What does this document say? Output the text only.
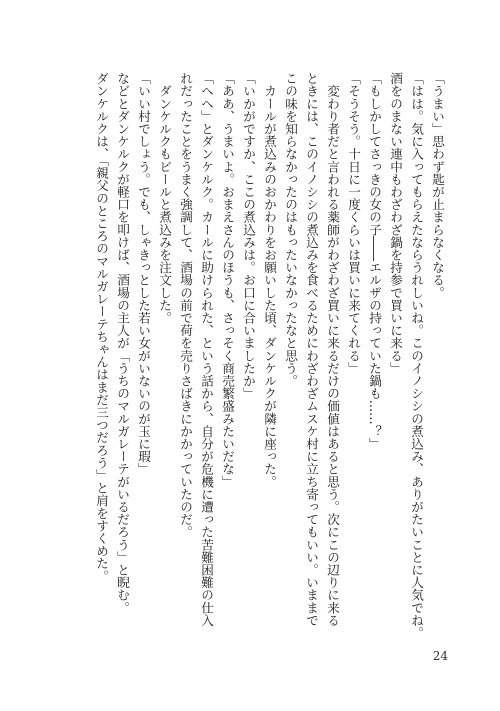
「うまい」思わず匙が止まらなくなる。

「はは。気に入ってもらえたならうれしいね。このイノシシの煮込み、ありがたいことに人気でね。

酒をのまない連中もわざわざ鍋を持参で買いに来る」

「もしかしてさっきの女の子――エルザの持っていた鍋も……？」

「そうそう。十日に一度くらいは買いに来てくれる」

　変わり者だと言われる薬師がわざわざ買いに来るだけの価値はあると思う。次にこの辺りに来る

ときには、このイノシシの煮込みを食べるためにわざわざムスケ村に立ち寄ってもいい。いままで

この味を知らなかったのはもったいなかったなと思う。

　カールが煮込みのおかわりをお願いした頃、ダンケルクが隣に座った。

「いかがですか、ここの煮込みは。お口に合いましたか」

「ああ、うまいよ。おまえさんのほうも、さっそく商売繁盛みたいだな」

「へへ」とダンケルク。カールに助けられた、という話から、自分が危機に遭った苦難困難の仕入

れだったことをうまく強調して、酒場の前で荷を売りさばきにかかっていたのだ。

　ダンケルクもビールと煮込みを注文した。

「いい村でしょう。でも、しゃきっとした若い女がいないのが玉に瑕」

などとダンケルクが軽口を叩けば、酒場の主人が「うちのマルガレーテがいるだろう」と睨む。

ダンケルクは、「親父のところのマルガレーテちゃんはまだ三つだろう」と肩をすくめた。

24
